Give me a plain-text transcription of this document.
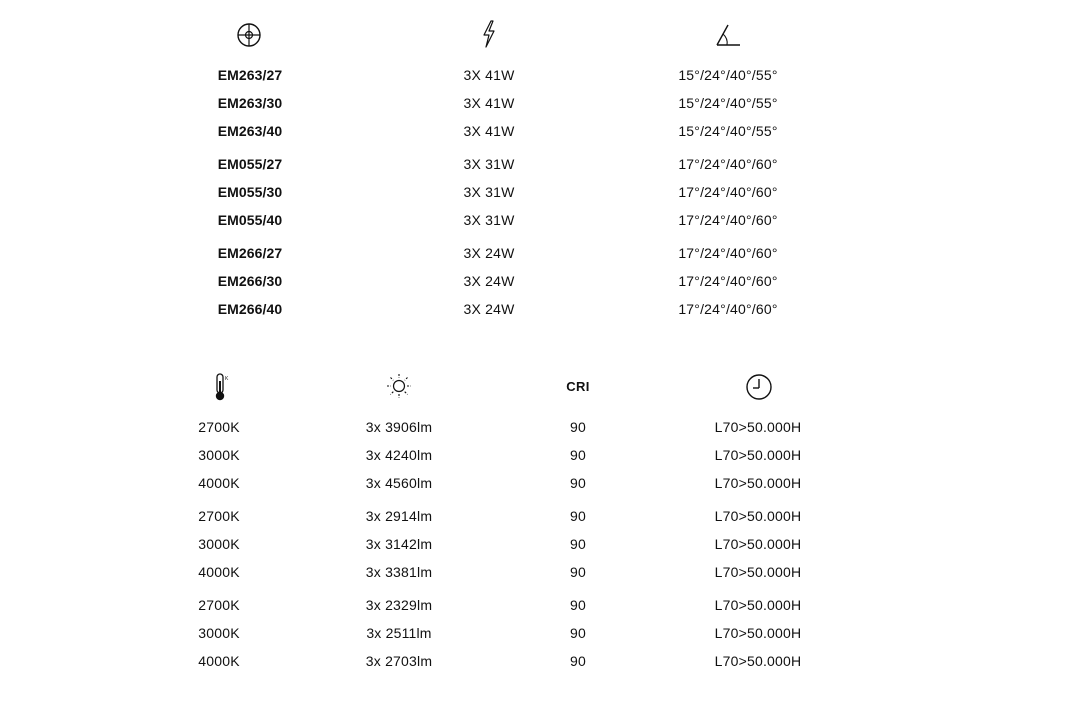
EM263/27	3X 41W	15°/24°/40°/55°
EM263/30	3X 41W	15°/24°/40°/55°
EM263/40	3X 41W	15°/24°/40°/55°
EM055/27	3X 31W	17°/24°/40°/60°
EM055/30	3X 31W	17°/24°/40°/60°
EM055/40	3X 31W	17°/24°/40°/60°
EM266/27	3X 24W	17°/24°/40°/60°
EM266/30	3X 24W	17°/24°/40°/60°
EM266/40	3X 24W	17°/24°/40°/60°
K	CRI
2700K	3x 3906lm	90	L70>50.000H
3000K	3x 4240lm	90	L70>50.000H
4000K	3x 4560lm	90	L70>50.000H
2700K	3x 2914lm	90	L70>50.000H
3000K	3x 3142lm	90	L70>50.000H
4000K	3x 3381lm	90	L70>50.000H
2700K	3x 2329lm	90	L70>50.000H
3000K	3x 2511lm	90	L70>50.000H
4000K	3x 2703lm	90	L70>50.000H
